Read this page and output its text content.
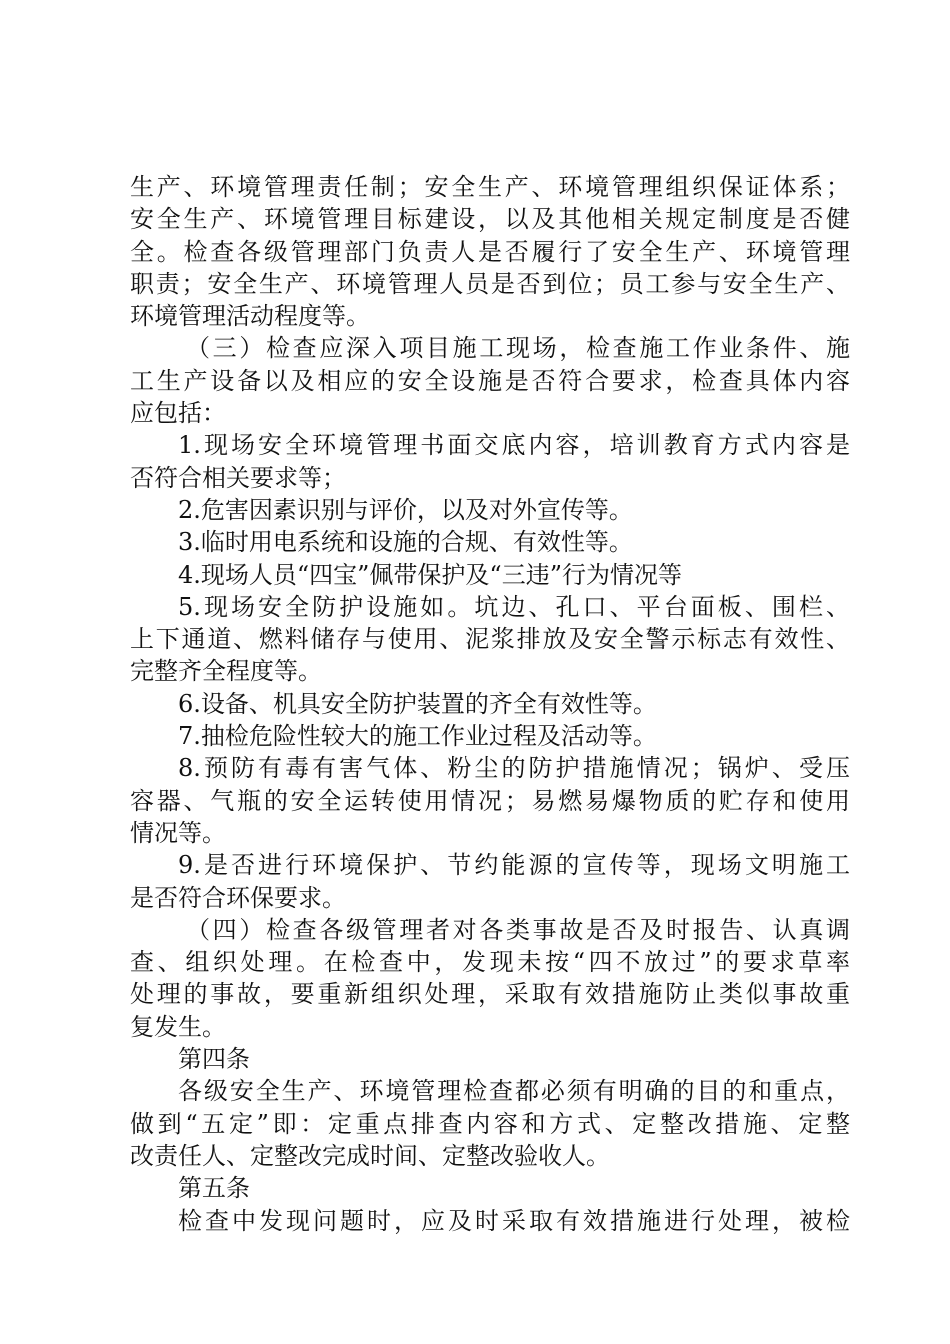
生产、环境管理责任制；安全生产、环境管理组织保证体系；
安全生产、环境管理目标建设，以及其他相关规定制度是否健
全。检查各级管理部门负责人是否履行了安全生产、环境管理
职责；安全生产、环境管理人员是否到位；员工参与安全生产、
环境管理活动程度等。
（三）检查应深入项目施工现场，检查施工作业条件、施
工生产设备以及相应的安全设施是否符合要求，检查具体内容
应包括：
1.现场安全环境管理书面交底内容，培训教育方式内容是
否符合相关要求等；
2.危害因素识别与评价，以及对外宣传等。
3.临时用电系统和设施的合规、有效性等。
4.现场人员“四宝”佩带保护及“三违”行为情况等
5.现场安全防护设施如。坑边、孔口、平台面板、围栏、
上下通道、燃料储存与使用、泥浆排放及安全警示标志有效性、
完整齐全程度等。
6.设备、机具安全防护装置的齐全有效性等。
7.抽检危险性较大的施工作业过程及活动等。
8.预防有毒有害气体、粉尘的防护措施情况；锅炉、受压
容器、气瓶的安全运转使用情况；易燃易爆物质的贮存和使用
情况等。
9.是否进行环境保护、节约能源的宣传等，现场文明施工
是否符合环保要求。
（四）检查各级管理者对各类事故是否及时报告、认真调
查、组织处理。在检查中，发现未按“四不放过”的要求草率
处理的事故，要重新组织处理，采取有效措施防止类似事故重
复发生。
第四条
各级安全生产、环境管理检查都必须有明确的目的和重点，
做到“五定”即：定重点排查内容和方式、定整改措施、定整
改责任人、定整改完成时间、定整改验收人。
第五条
检查中发现问题时，应及时采取有效措施进行处理，被检
